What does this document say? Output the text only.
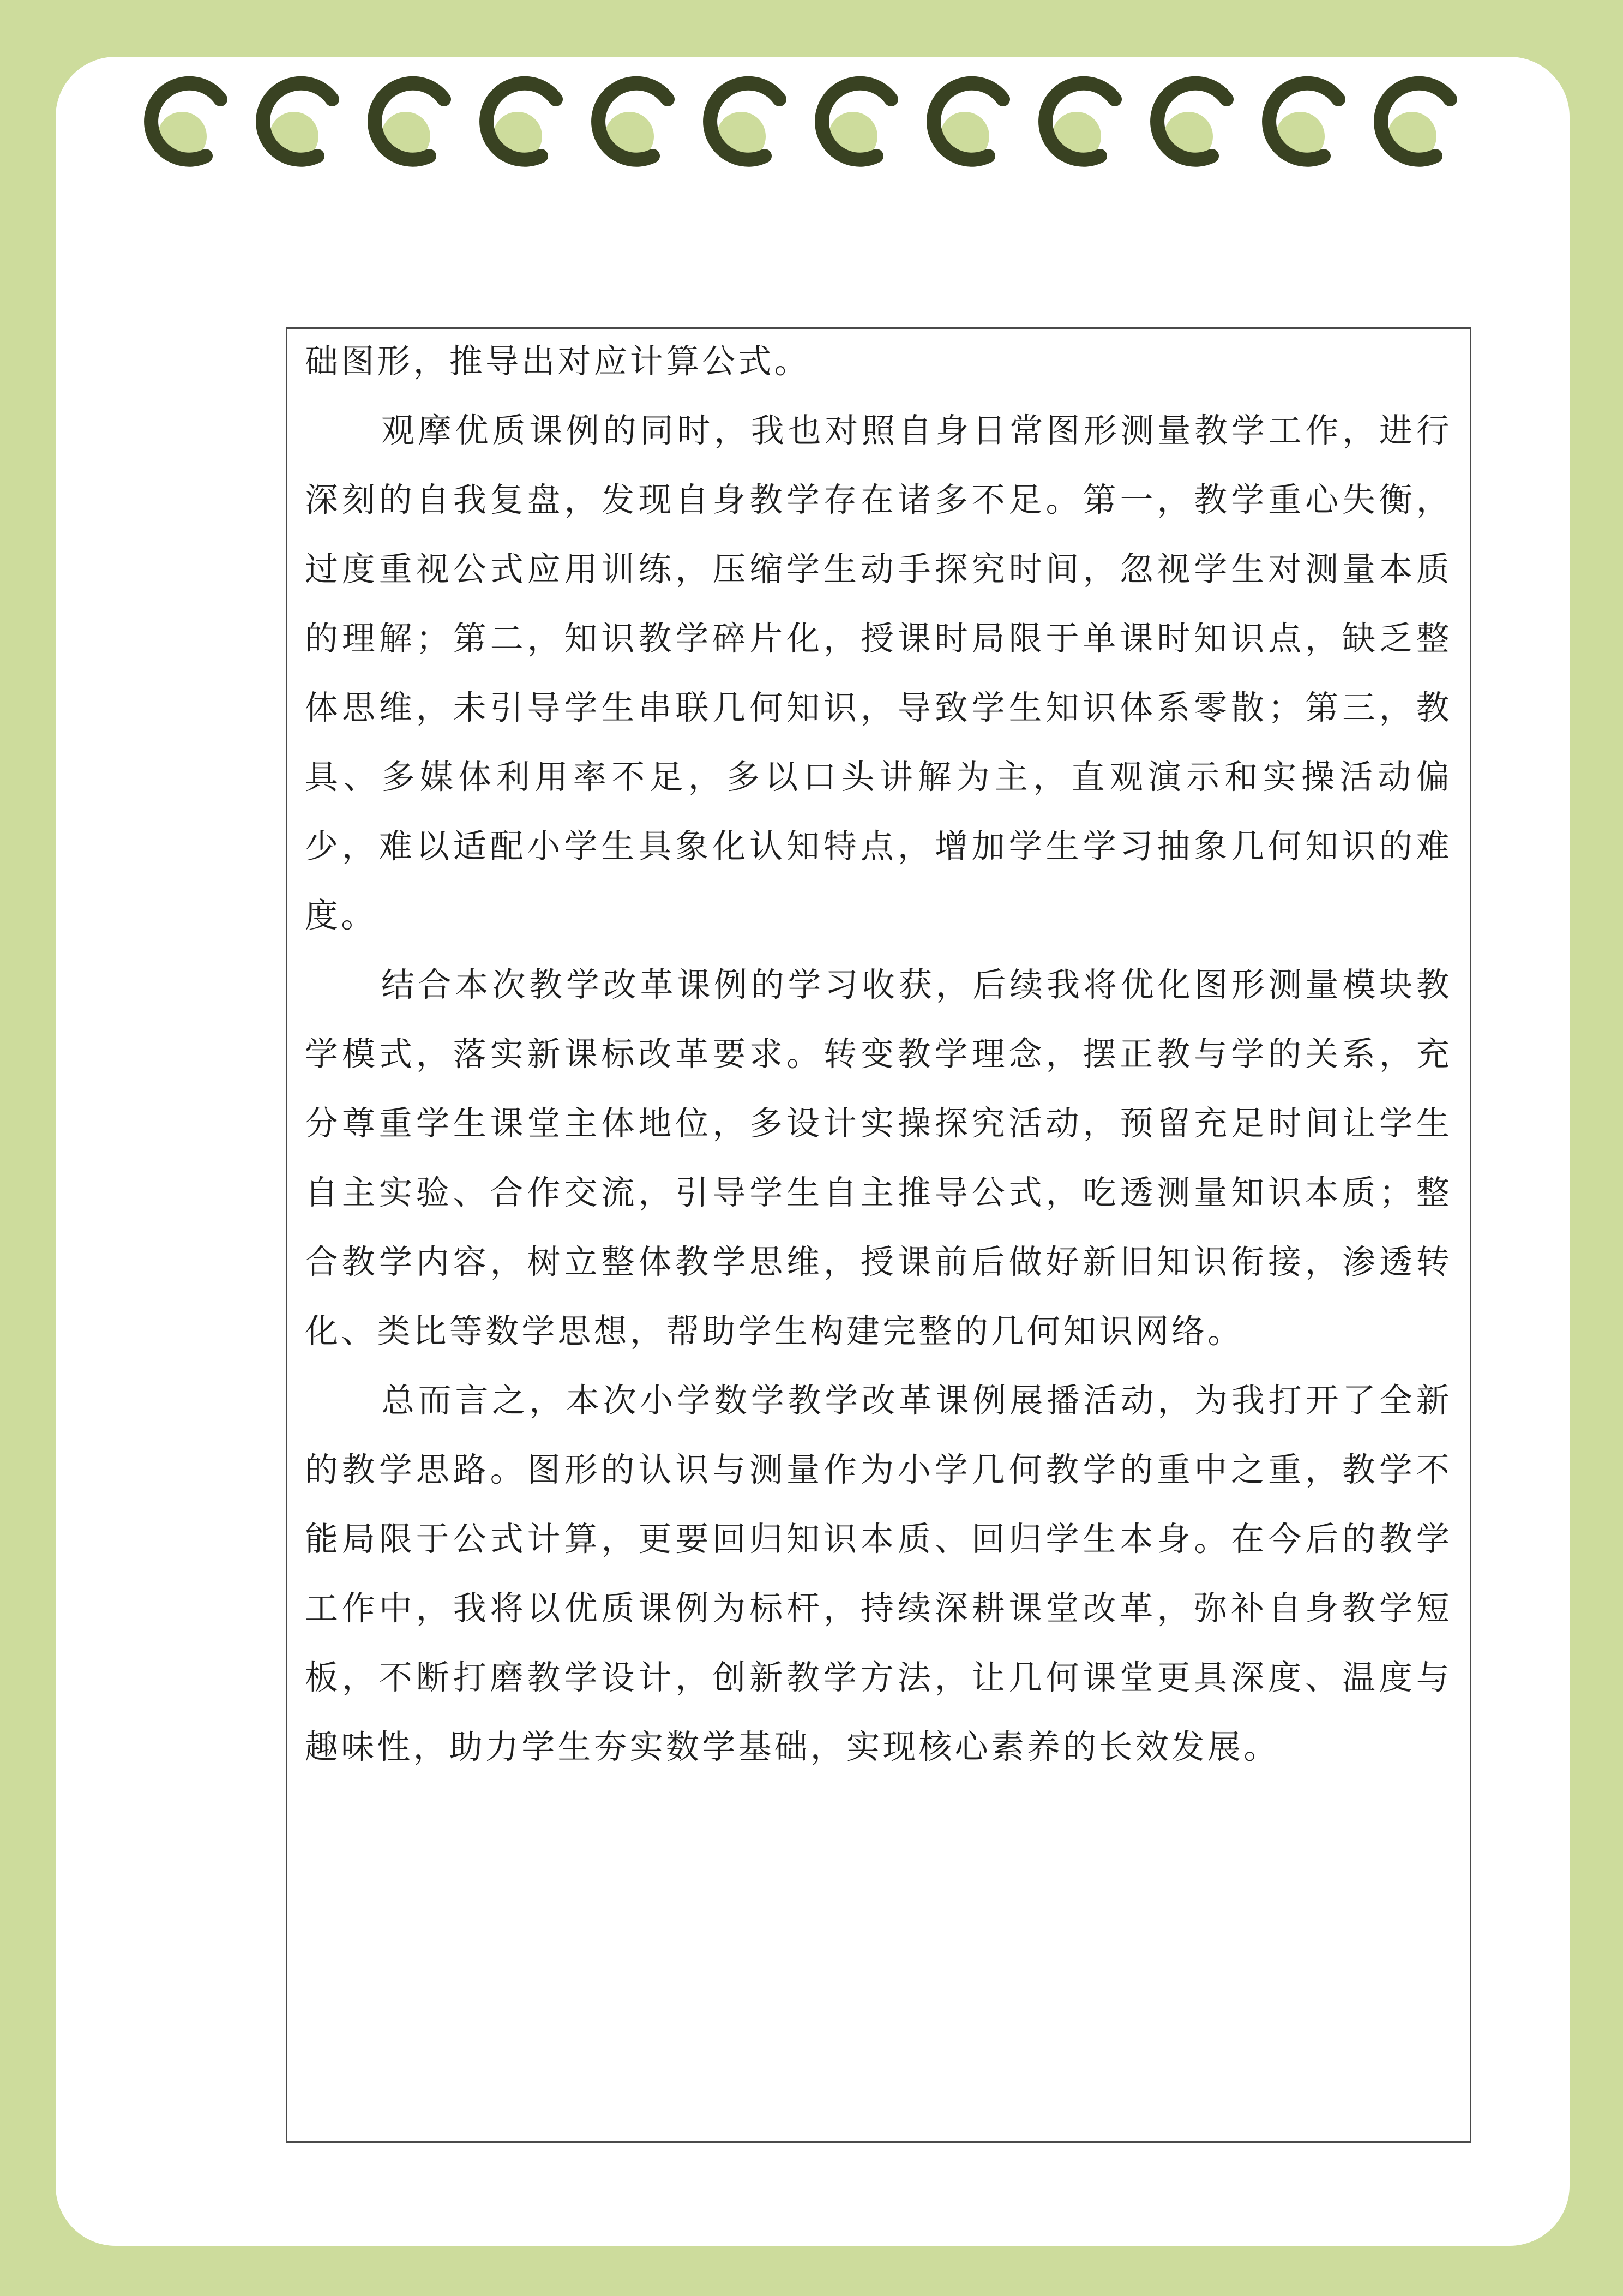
础图形，推导出对应计算公式。

观摩优质课例的同时，我也对照自身日常图形测量教学工作，进行深刻的自我复盘，发现自身教学存在诸多不足。第一，教学重心失衡，过度重视公式应用训练，压缩学生动手探究时间，忽视学生对测量本质的理解；第二，知识教学碎片化，授课时局限于单课时知识点，缺乏整体思维，未引导学生串联几何知识，导致学生知识体系零散；第三，教具、多媒体利用率不足，多以口头讲解为主，直观演示和实操活动偏少，难以适配小学生具象化认知特点，增加学生学习抽象几何知识的难度。

结合本次教学改革课例的学习收获，后续我将优化图形测量模块教学模式，落实新课标改革要求。转变教学理念，摆正教与学的关系，充分尊重学生课堂主体地位，多设计实操探究活动，预留充足时间让学生自主实验、合作交流，引导学生自主推导公式，吃透测量知识本质；整合教学内容，树立整体教学思维，授课前后做好新旧知识衔接，渗透转化、类比等数学思想，帮助学生构建完整的几何知识网络。

总而言之，本次小学数学教学改革课例展播活动，为我打开了全新的教学思路。图形的认识与测量作为小学几何教学的重中之重，教学不能局限于公式计算，更要回归知识本质、回归学生本身。在今后的教学工作中，我将以优质课例为标杆，持续深耕课堂改革，弥补自身教学短板，不断打磨教学设计，创新教学方法，让几何课堂更具深度、温度与趣味性，助力学生夯实数学基础，实现核心素养的长效发展。
